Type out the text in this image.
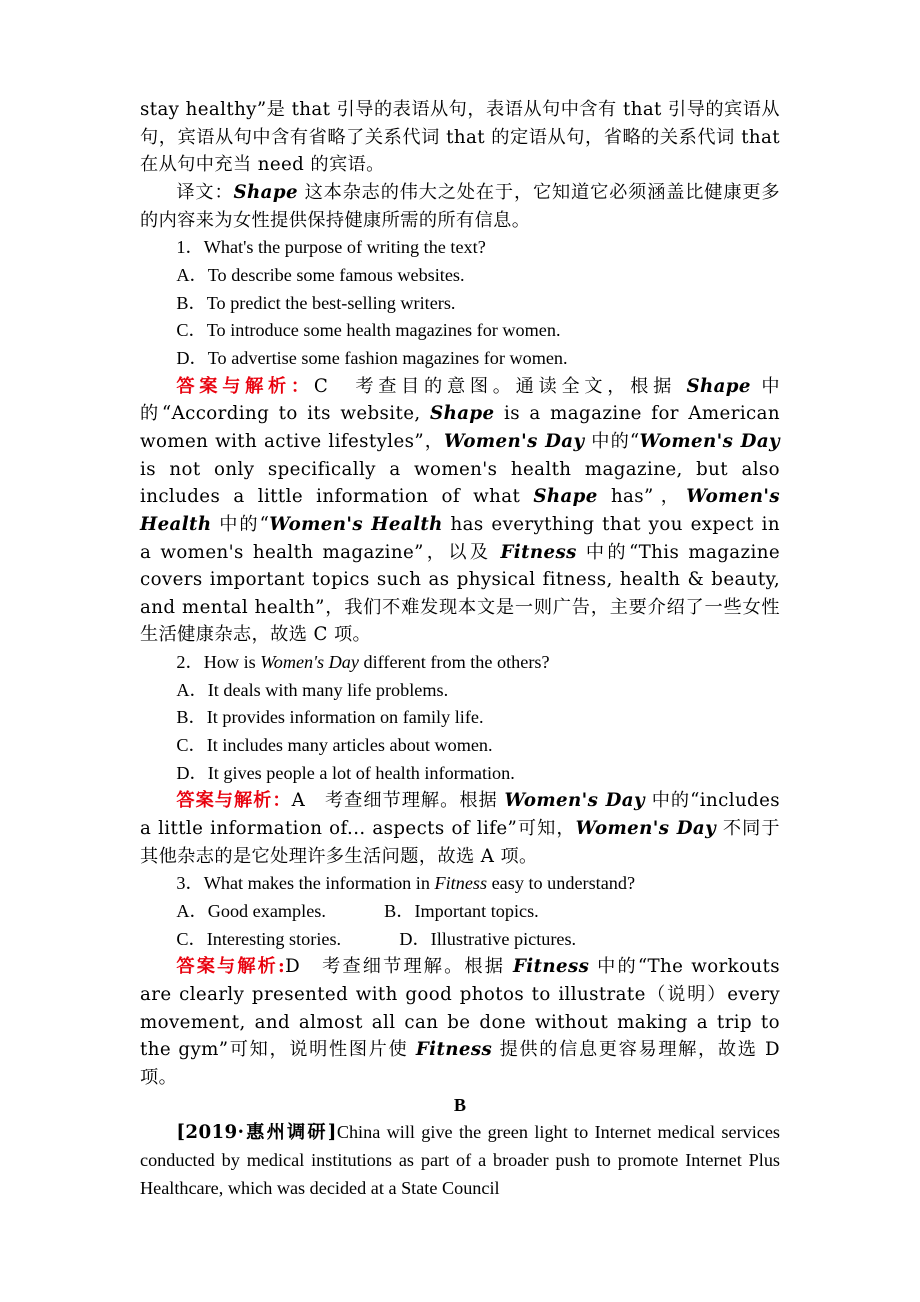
stay healthy”是 that 引导的表语从句，表语从句中含有 that 引导的宾语从句，宾语从句中含有省略了关系代词 that 的定语从句，省略的关系代词 that 在从句中充当 need 的宾语。

译文：Shape 这本杂志的伟大之处在于，它知道它必须涵盖比健康更多的内容来为女性提供保持健康所需的所有信息。

1．What's the purpose of writing the text?

A．To describe some famous websites.

B．To predict the best-selling writers.

C．To introduce some health magazines for women.

D．To advertise some fashion magazines for women.

答案与解析：C　考查目的意图。通读全文，根据 Shape 中的“According to its website, Shape is a magazine for American women with active lifestyles”，Women's Day 中的“Women's Day is not only specifically a women's health magazine, but also includes a little information of what Shape has”，Women's Health 中的“Women's Health has everything that you expect in a women's health magazine”，以及 Fitness 中的“This magazine covers important topics such as physical fitness, health & beauty, and mental health”，我们不难发现本文是一则广告，主要介绍了一些女性生活健康杂志，故选 C 项。

2．How is Women's Day different from the others?

A．It deals with many life problems.

B．It provides information on family life.

C．It includes many articles about women.

D．It gives people a lot of health information.

答案与解析：A　考查细节理解。根据 Women's Day 中的“includes a little information of... aspects of life”可知，Women's Day 不同于其他杂志的是它处理许多生活问题，故选 A 项。

3．What makes the information in Fitness easy to understand?

A．Good examples.	B．Important topics.

C．Interesting stories.	D．Illustrative pictures.

答案与解析:D　考查细节理解。根据 Fitness 中的“The workouts are clearly presented with good photos to illustrate（说明）every movement, and almost all can be done without making a trip to the gym”可知，说明性图片使 Fitness 提供的信息更容易理解，故选 D 项。

B

[2019·惠州调研]China will give the green light to Internet medical services conducted by medical institutions as part of a broader push to promote Internet Plus Healthcare, which was decided at a State Council
